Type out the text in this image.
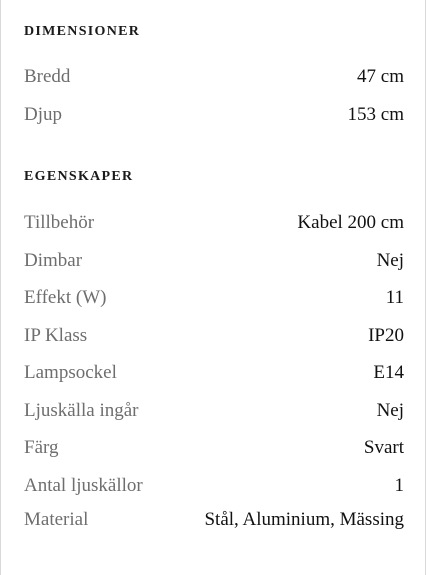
DIMENSIONER
Bredd	47 cm
Djup	153 cm
EGENSKAPER
Tillbehör	Kabel 200 cm
Dimbar	Nej
Effekt (W)	11
IP Klass	IP20
Lampsockel	E14
Ljuskälla ingår	Nej
Färg	Svart
Antal ljuskällor	1
Material	Stål, Aluminium, Mässing
